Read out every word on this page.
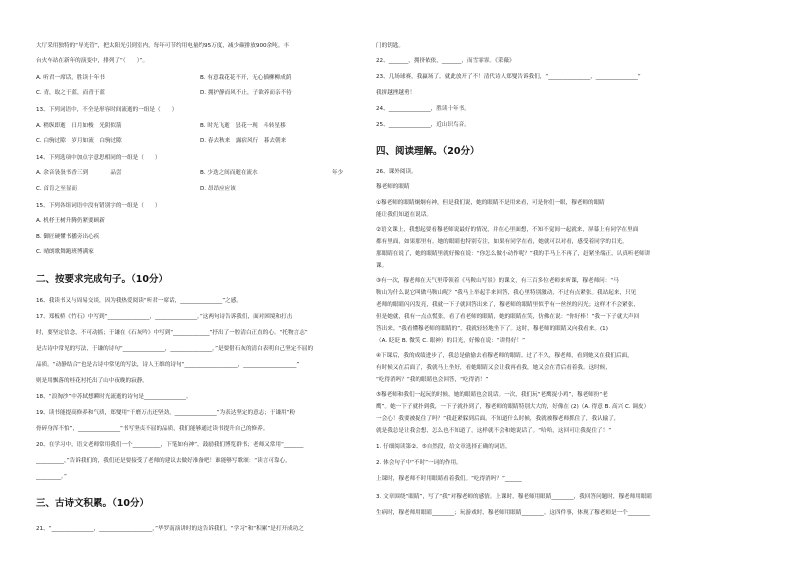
大厅采用独特的“导光管”，把太阳光引到室内，每年可节约用电量约95万度，减少碳排放900余吨。丰
台火车站在新年的演变中，排列了“（　　）”。
A. 听君一席话，胜读十年书	B. 有意栽花花不开，无心插柳柳成荫
C. 青，取之于蓝，而青于蓝	D. 拥护静而风不止，子欲养而亲不待
13、下列词语中，不全是形容时间流逝的一组是（　　）
A. 稍纵即逝　日月如梭　光阴似箭	B. 时光飞逝　昙花一现　斗转星移
C. 白驹过隙　岁月如流　白驹过隙	D. 春去秋来　露宿风行　暮去朝来
14、下列选项中加点字意思相同的一组是（　　）
A. 余音袅袅书香三到　　　　品尝	B. 少迭之间而逝在流水	年少
C. 首肯之至显而	D. 昂昂应应该
15、下列各组词语中没有错别字的一组是（　　）
A. 机杼王树升腾仍紧要顾新
B. 御匠硬懂书播旁出心疾
C. 晴朗歌舞跑班博满家
二、按要求完成句子。（10分）
16、我读书又与周易交谈，因为我热爱阅读“听君一席话，_______________”之感。
17、郑板桥《竹石》中写到“_______________，_______________。”这两句诗告诉我们，面对困境和打击
时，要坚定信念，不可动摇；于谦在《石灰吟》中写到“_____________”抒出了一腔清白正直的心。“托物言志”
是古诗中常见的写法，于谦的诗句“_______________，_______________。”是要借石灰的清白表明自己坚定不屈的
品质。“动静结合”也是古诗中常见的写法，诗人王维的诗句“___________________，___________________”
则是用飘落的桂花衬托出了山中夜晚的寂静。
18、“浪淘沙”中苏轼想瞬时光流逝的诗句是_______________。
19、读书能提高修养和气质，郑燮用“千磨万击还坚劲，_______________”为表达坚定的意志；于谦用“粉
骨碎身浑不怕”，_______________”书写坚贞不屈的品质，我们能够通过读书提升自己的修养。
20、在学习中，语文老师常用我们一个__________，下笔如有神”。鼓励我们博览群书；老师又常用“_______
__________，”告诉我们的，我们还是要接受了老师的建议去做好准备吧！谁能够写歌颂：“读言可靠心，
_________。”
三、古诗文积累。（10分）
21、“_______________，___________________，”毕罗南演讲时的这告诉我们，“学习”和“积累”是打开成功之
门的钥匙。
22、_______，拥挤依依，_______，而雪霏霏。《采薇》
23、几场球赛，我赢场了。就此放开了不！清代诗人郑燮告诉我们，“_______________，_______________”
我拼越挫越勇！
24、_______________，胜读十年书。
25、_______________，近山识鸟音。
四、阅读理解。（20分）
26、课外阅读。
穆老师的眼睛
①穆老师的眼睛炯炯有神，但是我们说，她的眼睛不是用来看，可是你们一眼，穆老师的眼睛
能让我们知道在说话。
②语文课上，我想起要看穆老师说最好的情况，并在心里面想，不知不觉间一起就来，屏幕上有同学在里面
都有里面，如果那里有。她的眼睛也特别专注，如果有同学在看，她就可以对看，感受着同学的目光。
那眼睛在说了，她的眼睛里就好像在说：“你怎么做小动作呢？”我的手马上不再了，赶紧坐端正，认真听老师讲
课。
③有一次，穆老师在天气里带领着《马鞍山写景》的课文，有三百多位老师来听课，穆老师问：“马
鞍山为什么说它叫做马鞍山呢？”我马上举起手来回答，我心里特别激动，不过有点紧张。我站起来，只见
老师的眼睛闪闪发亮，我就一下子就回答出来了，穆老师的眼睛里似乎有一丝丝的闪光；这样才不会紧张，
但是她就，我有一点点慌张，看了看老师的眼睛，她的眼睛在笑，仿佛在说：“你好棒！”我一下子就大声回
答出来。“我看懂穆老师的眼睛的”，我就轻轻地坐下了。这时，穆老师的眼睛又向我看来。(1)
（A. 眨眨 B. 微笑 C. 眼神）的目光，好像在说：“讲得好！”
④下课后，我的成绩进步了，我总是偷偷去看穆老师的眼睛。过了不久，穆老师，看到她又在我们后面，
有时候又在后面了，我就马上坐好，看她眼睛又会让我再看我，她又会在背后看着我。这时候，
“吃得消吗？”我的眼睛也会回答，“吃得消！”
⑤穆老师和我们一起玩的时候，她的眼睛也会说话。一次，我们玩“老鹰捉小鸡”，穆老师扮“老
鹰”。她一下子就扑到我，一下子就扑到了，穆老师的眼睛特别大大的，好像在 (2)（A. 得意 B. 高兴 C. 调皮）
一会心！我要被捉住了吗？”我赶紧躲到后面，不知道什么时候，我就被穆老师抓住了，我认输了，
就是我总是让我会想，怎么也不知道了，这样就不会和她说话了。“哈哈，这回可让我捉住了！”
1. 仔细阅读第②、⑤自然段，给文章选择正确的词语。
2. 体会句子中“不时”一词的作用。
上课时，穆老师不时用眼睛看着我们。“吃得消吗？”______
3. 文章围绕“眼睛”，写了“我”对穆老师的感情。上课时，穆老师用眼睛________，我回答问题时，穆老师用眼睛
生病时，穆老师用眼睛________；玩游戏时，穆老师用眼睛________。这四件事，体现了穆老师是一个________
